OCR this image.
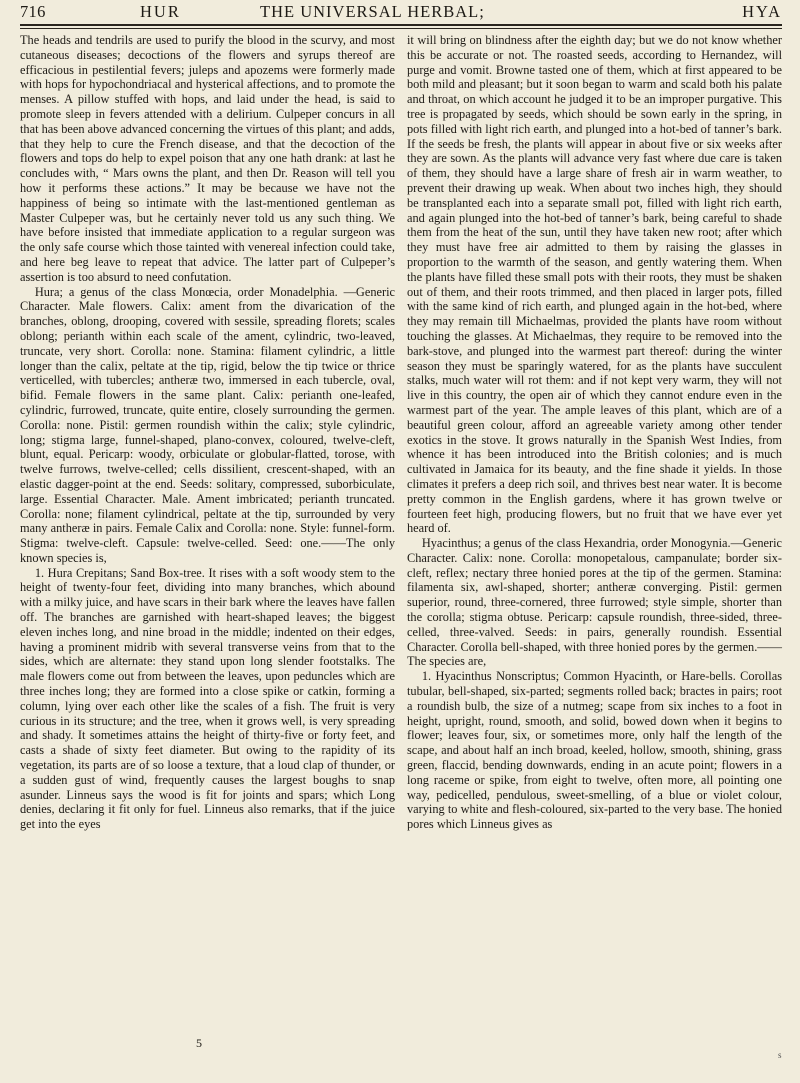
716	HUR	THE UNIVERSAL HERBAL;	HYA

The heads and tendrils are used to purify the blood in the scurvy, and most cutaneous diseases; decoctions of the flowers and syrups thereof are efficacious in pestilential fevers; juleps and apozems were formerly made with hops for hypochondriacal and hysterical affections, and to promote the menses. A pillow stuffed with hops, and laid under the head, is said to promote sleep in fevers attended with a delirium. Culpeper concurs in all that has been above advanced concerning the virtues of this plant; and adds, that they help to cure the French disease, and that the decoction of the flowers and tops do help to expel poison that any one hath drank: at last he concludes with, “ Mars owns the plant, and then Dr. Reason will tell you how it performs these actions.” It may be because we have not the happiness of being so intimate with the last-mentioned gentleman as Master Culpeper was, but he certainly never told us any such thing. We have before insisted that immediate application to a regular surgeon was the only safe course which those tainted with venereal infection could take, and here beg leave to repeat that advice. The latter part of Culpeper’s assertion is too absurd to need confutation.

Hura; a genus of the class Monœcia, order Monadelphia. —Generic Character. Male flowers. Calix: ament from the divarication of the branches, oblong, drooping, covered with sessile, spreading florets; scales oblong; perianth within each scale of the ament, cylindric, two-leaved, truncate, very short. Corolla: none. Stamina: filament cylindric, a little longer than the calix, peltate at the tip, rigid, below the tip twice or thrice verticelled, with tubercles; antheræ two, immersed in each tubercle, oval, bifid. Female flowers in the same plant. Calix: perianth one-leafed, cylindric, furrowed, truncate, quite entire, closely surrounding the germen. Corolla: none. Pistil: germen roundish within the calix; style cylindric, long; stigma large, funnel-shaped, plano-convex, coloured, twelve-cleft, blunt, equal. Pericarp: woody, orbiculate or globular-flatted, torose, with twelve furrows, twelve-celled; cells dissilient, crescent-shaped, with an elastic dagger-point at the end. Seeds: solitary, compressed, suborbiculate, large. Essential Character. Male. Ament imbricated; perianth truncated. Corolla: none; filament cylindrical, peltate at the tip, surrounded by very many antheræ in pairs. Female Calix and Corolla: none. Style: funnel-form. Stigma: twelve-cleft. Capsule: twelve-celled. Seed: one.——The only known species is,

1. Hura Crepitans; Sand Box-tree. It rises with a soft woody stem to the height of twenty-four feet, dividing into many branches, which abound with a milky juice, and have scars in their bark where the leaves have fallen off. The branches are garnished with heart-shaped leaves; the biggest eleven inches long, and nine broad in the middle; indented on their edges, having a prominent midrib with several transverse veins from that to the sides, which are alternate: they stand upon long slender footstalks. The male flowers come out from between the leaves, upon peduncles which are three inches long; they are formed into a close spike or catkin, forming a column, lying over each other like the scales of a fish. The fruit is very curious in its structure; and the tree, when it grows well, is very spreading and shady. It sometimes attains the height of thirty-five or forty feet, and casts a shade of sixty feet diameter. But owing to the rapidity of its vegetation, its parts are of so loose a texture, that a loud clap of thunder, or a sudden gust of wind, frequently causes the largest boughs to snap asunder. Linneus says the wood is fit for joints and spars; which Long denies, declaring it fit only for fuel. Linneus also remarks, that if the juice get into the eyes

5

it will bring on blindness after the eighth day; but we do not know whether this be accurate or not. The roasted seeds, according to Hernandez, will purge and vomit. Browne tasted one of them, which at first appeared to be both mild and pleasant; but it soon began to warm and scald both his palate and throat, on which account he judged it to be an improper purgative. This tree is propagated by seeds, which should be sown early in the spring, in pots filled with light rich earth, and plunged into a hot-bed of tanner’s bark. If the seeds be fresh, the plants will appear in about five or six weeks after they are sown. As the plants will advance very fast where due care is taken of them, they should have a large share of fresh air in warm weather, to prevent their drawing up weak. When about two inches high, they should be transplanted each into a separate small pot, filled with light rich earth, and again plunged into the hot-bed of tanner’s bark, being careful to shade them from the heat of the sun, until they have taken new root; after which they must have free air admitted to them by raising the glasses in proportion to the warmth of the season, and gently watering them. When the plants have filled these small pots with their roots, they must be shaken out of them, and their roots trimmed, and then placed in larger pots, filled with the same kind of rich earth, and plunged again in the hot-bed, where they may remain till Michaelmas, provided the plants have room without touching the glasses. At Michaelmas, they require to be removed into the bark-stove, and plunged into the warmest part thereof: during the winter season they must be sparingly watered, for as the plants have succulent stalks, much water will rot them: and if not kept very warm, they will not live in this country, the open air of which they cannot endure even in the warmest part of the year. The ample leaves of this plant, which are of a beautiful green colour, afford an agreeable variety among other tender exotics in the stove. It grows naturally in the Spanish West Indies, from whence it has been introduced into the British colonies; and is much cultivated in Jamaica for its beauty, and the fine shade it yields. In those climates it prefers a deep rich soil, and thrives best near water. It is become pretty common in the English gardens, where it has grown twelve or fourteen feet high, producing flowers, but no fruit that we have ever yet heard of.

Hyacinthus; a genus of the class Hexandria, order Monogynia.—Generic Character. Calix: none. Corolla: monopetalous, campanulate; border six-cleft, reflex; nectary three honied pores at the tip of the germen. Stamina: filamenta six, awl-shaped, shorter; antheræ converging. Pistil: germen superior, round, three-cornered, three furrowed; style simple, shorter than the corolla; stigma obtuse. Pericarp: capsule roundish, three-sided, three-celled, three-valved. Seeds: in pairs, generally roundish. Essential Character. Corolla bell-shaped, with three honied pores by the germen.——The species are,

1. Hyacinthus Nonscriptus; Common Hyacinth, or Hare-bells. Corollas tubular, bell-shaped, six-parted; segments rolled back; bractes in pairs; root a roundish bulb, the size of a nutmeg; scape from six inches to a foot in height, upright, round, smooth, and solid, bowed down when it begins to flower; leaves four, six, or sometimes more, only half the length of the scape, and about half an inch broad, keeled, hollow, smooth, shining, grass green, flaccid, bending downwards, ending in an acute point; flowers in a long raceme or spike, from eight to twelve, often more, all pointing one way, pedicelled, pendulous, sweet-smelling, of a blue or violet colour, varying to white and flesh-coloured, six-parted to the very base. The honied pores which Linneus gives as

s
